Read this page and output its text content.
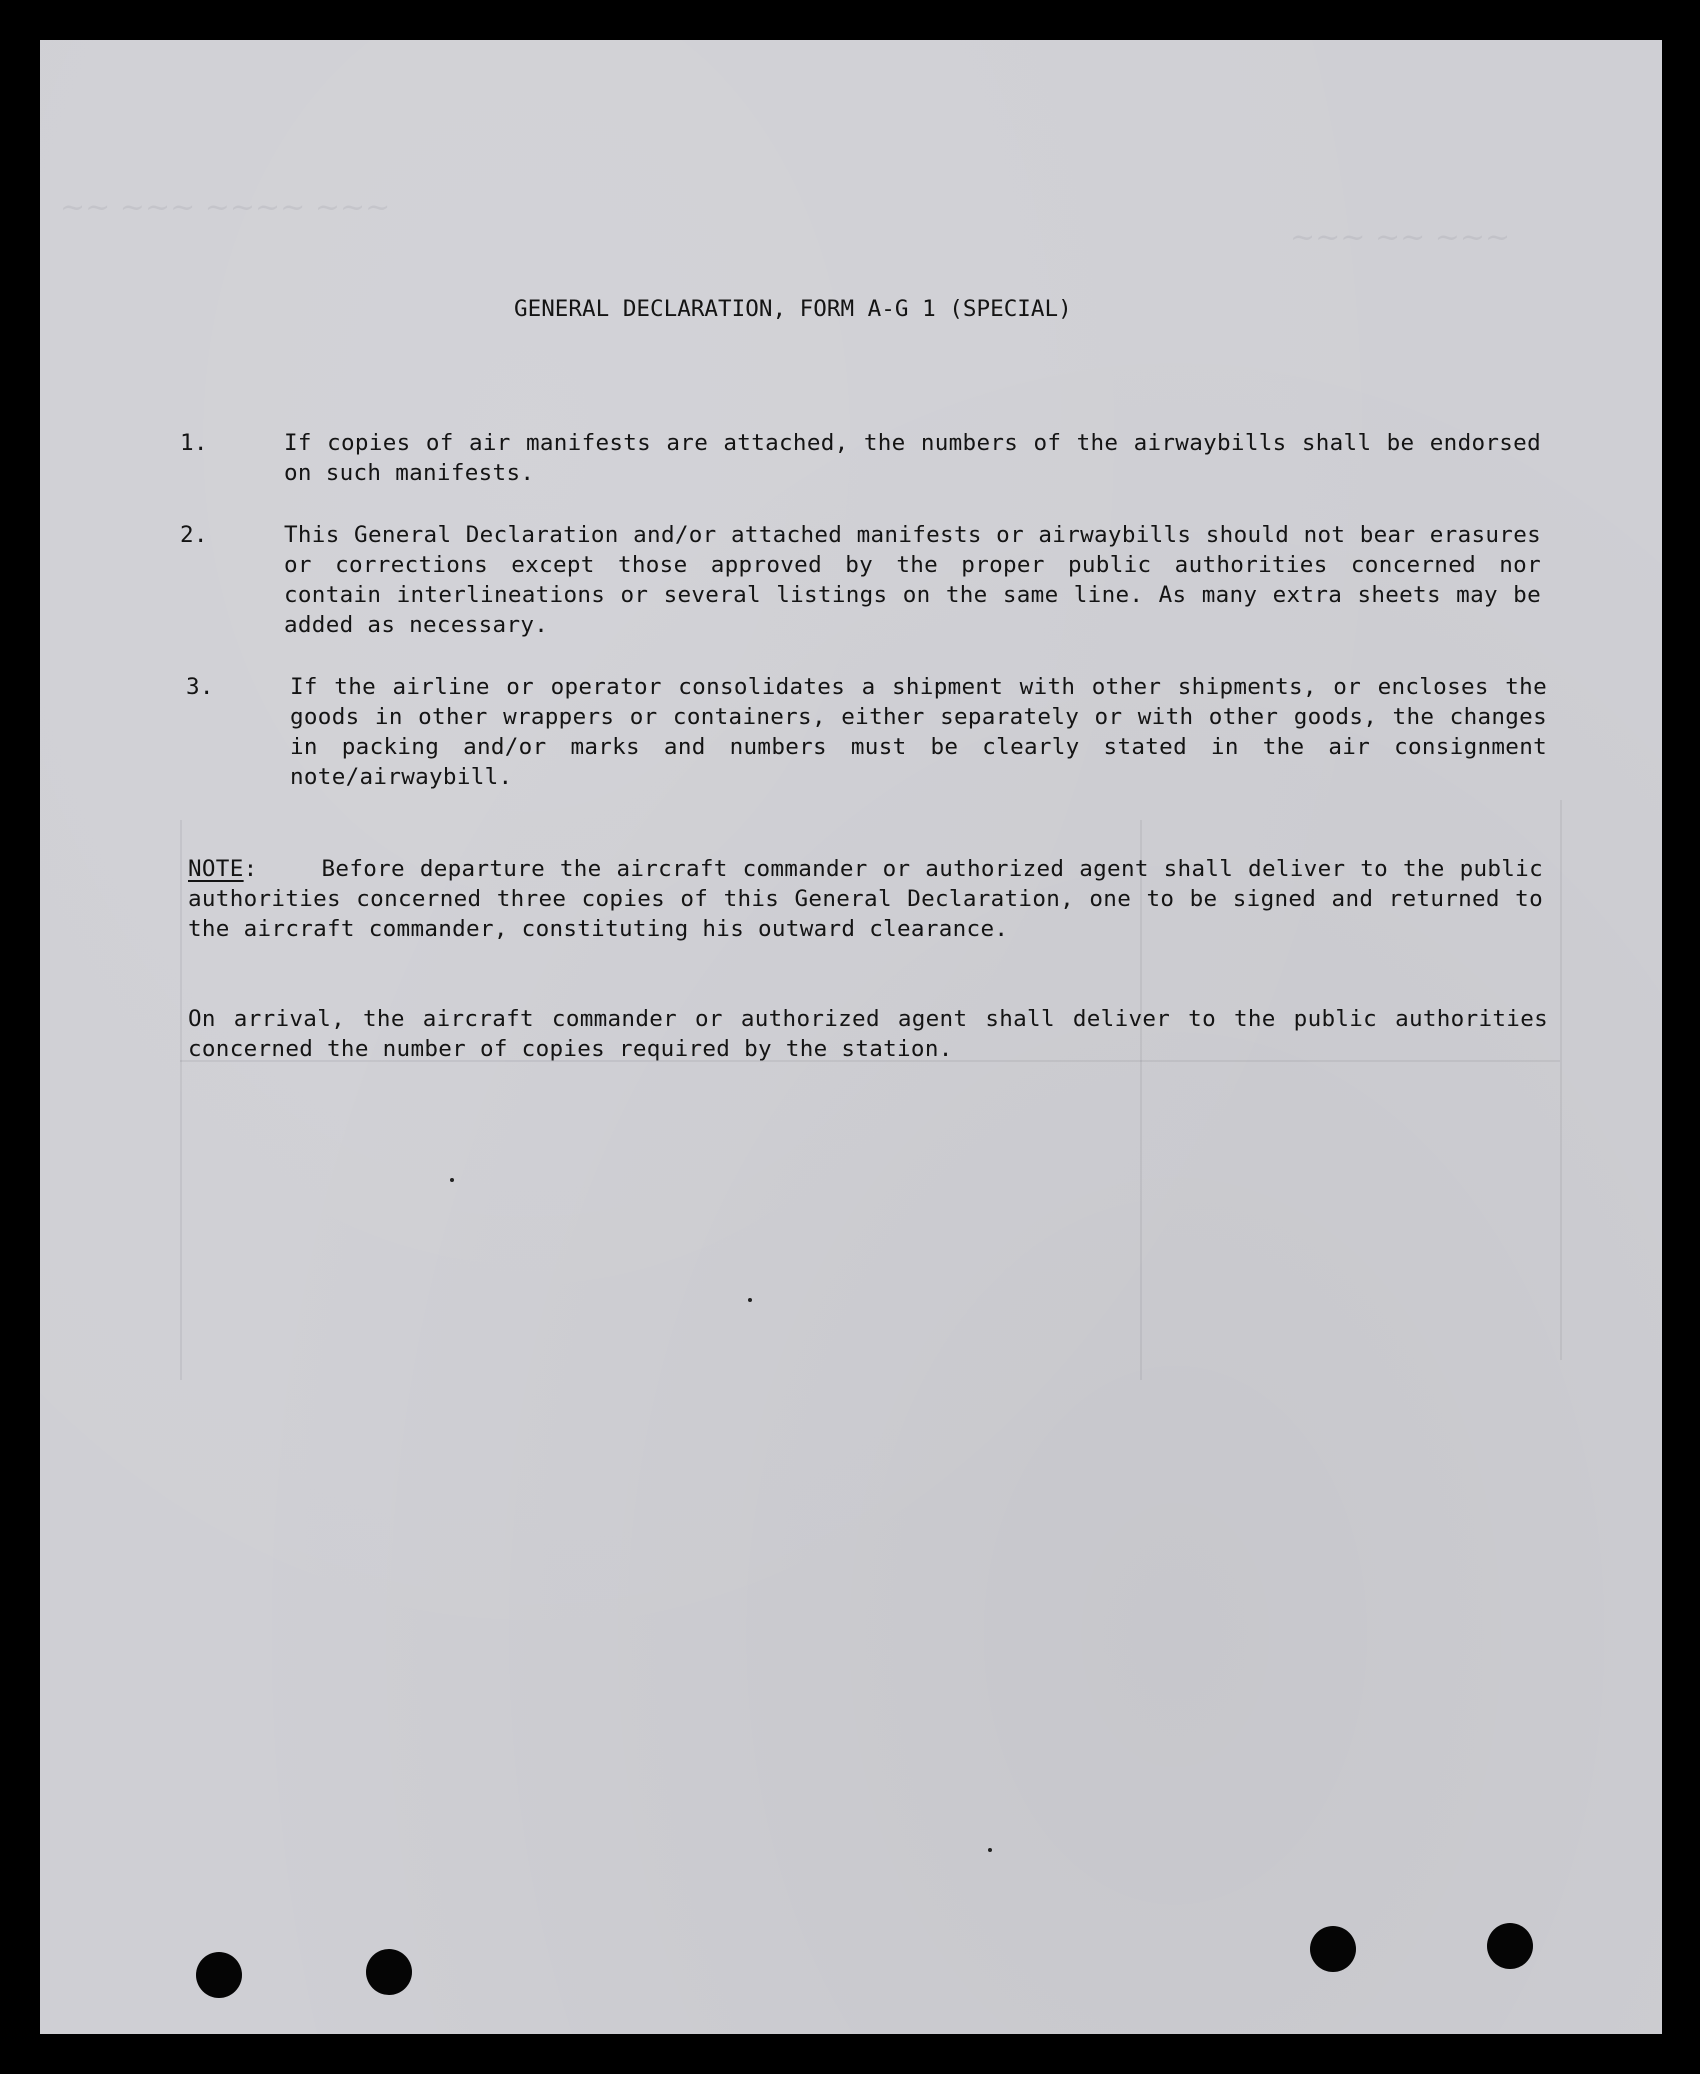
~~ ~~~ ~~~~ ~~~
~~~ ~~ ~~~
GENERAL DECLARATION, FORM A-G 1 (SPECIAL)
1.	If copies of air manifests are attached, the numbers of the airwaybills shall be endorsed on such manifests.
2.	This General Declaration and/or attached manifests or airwaybills should not bear erasures or corrections except those approved by the proper public authorities concerned nor contain interlineations or several listings on the same line. As many extra sheets may be added as necessary.
3.	If the airline or operator consolidates a shipment with other shipments, or encloses the goods in other wrappers or containers, either separately or with other goods, the changes in packing and/or marks and numbers must be clearly stated in the air consignment note/airwaybill.
NOTE:	Before departure the aircraft commander or authorized agent shall deliver to the public authorities concerned three copies of this General Declaration, one to be signed and returned to the aircraft commander, constituting his outward clearance.
On arrival, the aircraft commander or authorized agent shall deliver to the public authorities concerned the number of copies required by the station.
